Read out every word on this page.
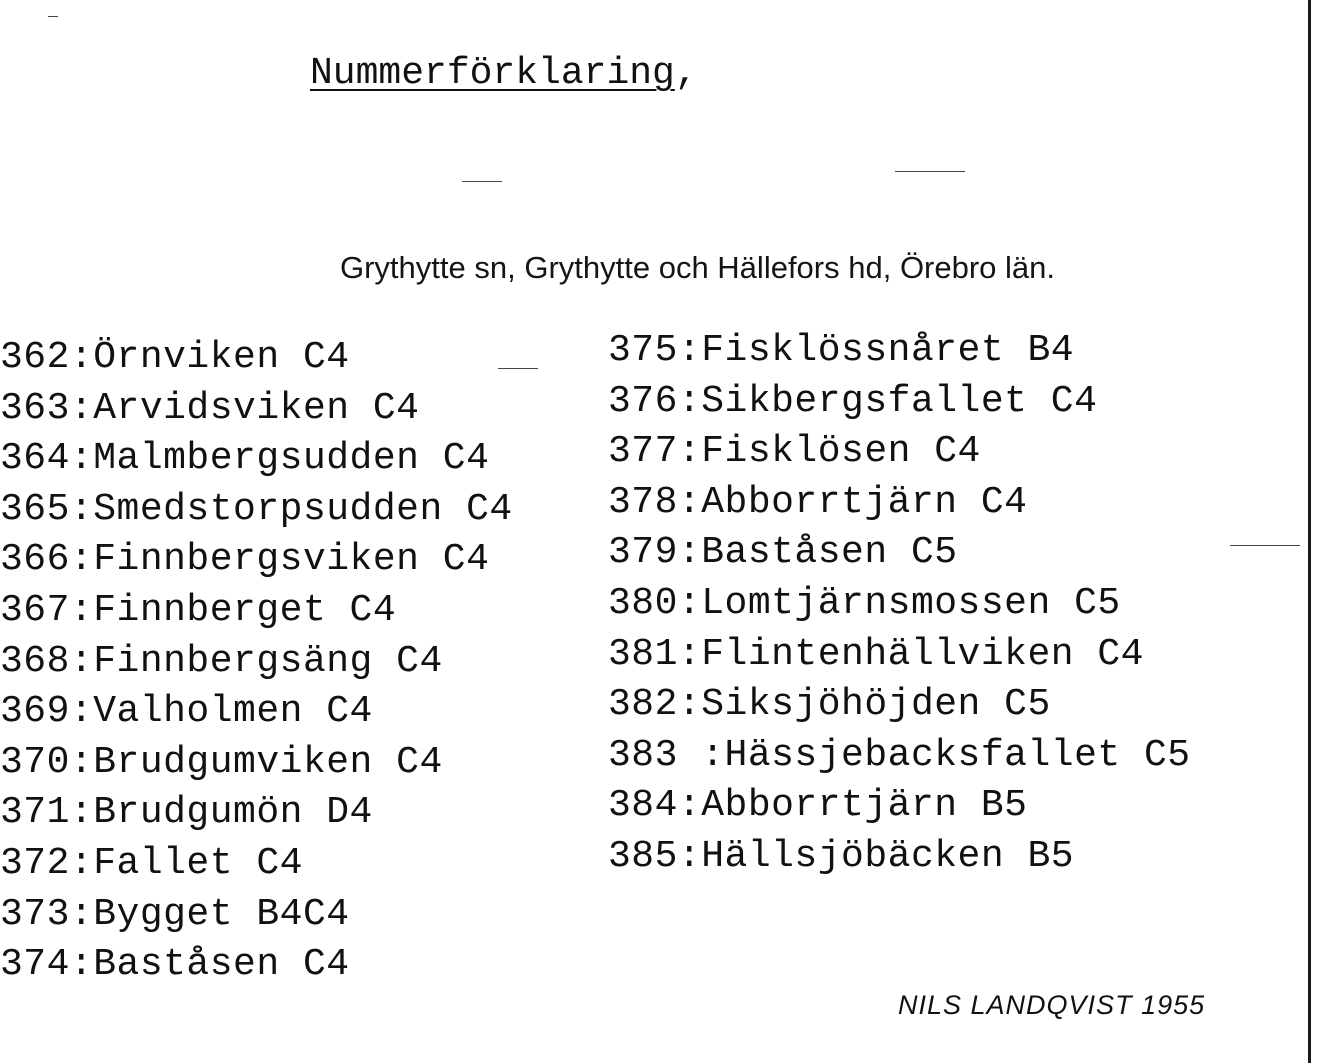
Nummerförklaring,
Grythytte sn, Grythytte och Hällefors hd, Örebro län.
362:Örnviken C4
363:Arvidsviken C4
364:Malmbergsudden C4
365:Smedstorpsudden C4
366:Finnbergsviken C4
367:Finnberget C4
368:Finnbergsäng C4
369:Valholmen C4
370:Brudgumviken C4
371:Brudgumön D4
372:Fallet C4
373:Bygget B4C4
374:Baståsen C4
375:Fisklössnåret B4
376:Sikbergsfallet C4
377:Fisklösen C4
378:Abborrtjärn C4
379:Baståsen C5
380:Lomtjärnsmossen C5
381:Flintenhällviken C4
382:Siksjöhöjden C5
383 :Hässjebacksfallet C5
384:Abborrtjärn B5
385:Hällsjöbäcken B5
NILS LANDQVIST 1955
